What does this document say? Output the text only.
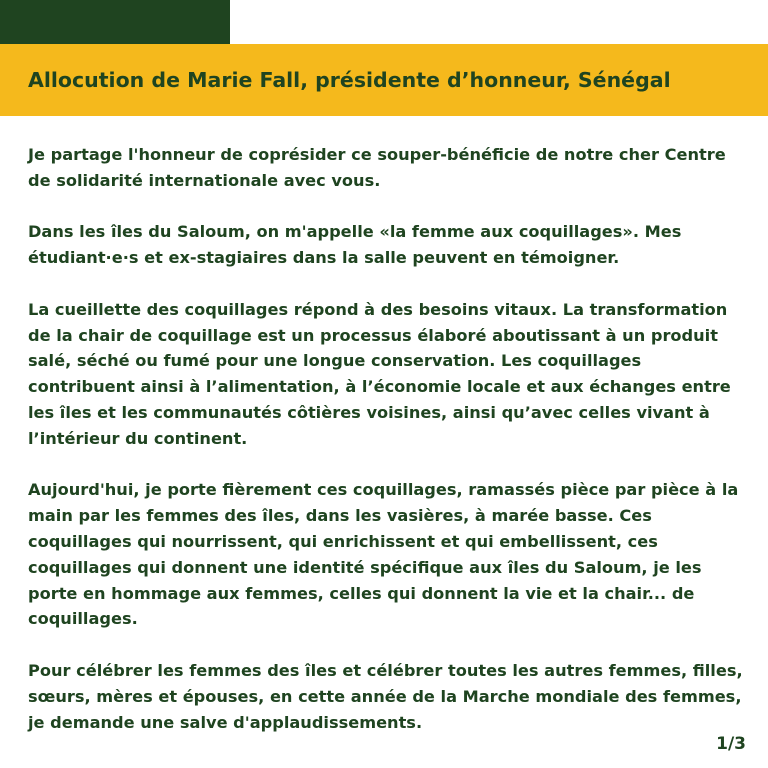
Allocution de Marie Fall, présidente d’honneur, Sénégal

Je partage l'honneur de coprésider ce souper-bénéficie de notre cher Centre de solidarité internationale avec vous.

Dans les îles du Saloum, on m'appelle «la femme aux coquillages». Mes étudiant·e·s et ex-stagiaires dans la salle peuvent en témoigner.

La cueillette des coquillages répond à des besoins vitaux. La transformation de la chair de coquillage est un processus élaboré aboutissant à un produit salé, séché ou fumé pour une longue conservation. Les coquillages contribuent ainsi à l’alimentation, à l’économie locale et aux échanges entre les îles et les communautés côtières voisines, ainsi qu’avec celles vivant à l’intérieur du continent.

Aujourd'hui, je porte fièrement ces coquillages, ramassés pièce par pièce à la main par les femmes des îles, dans les vasières, à marée basse. Ces coquillages qui nourrissent, qui enrichissent et qui embellissent, ces coquillages qui donnent une identité spécifique aux îles du Saloum, je les porte en hommage aux femmes, celles qui donnent la vie et la chair... de coquillages.

Pour célébrer les femmes des îles et célébrer toutes les autres femmes, filles, sœurs, mères et épouses, en cette année de la Marche mondiale des femmes, je demande une salve d'applaudissements.

1/3
